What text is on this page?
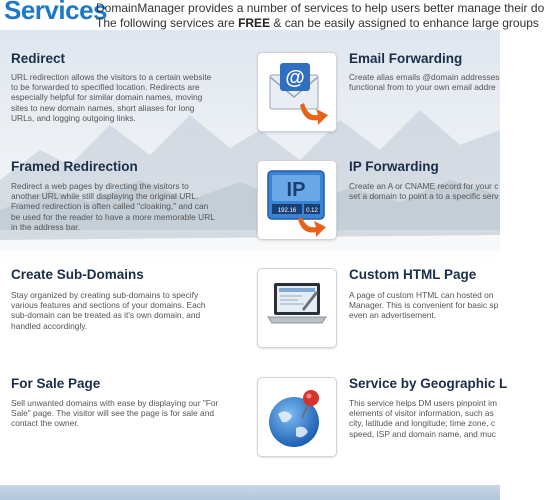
Services
DomainManager provides a number of services to help users better manage their do
The following services are FREE & can be easily assigned to enhance large groups
Redirect
URL redirection allows the visitors to a certain website to be forwarded to specified location. Redirects are especially helpful for similar domain names, moving sites to new domain names, short aliases for long URLs, and logging outgoing links.
@
Email Forwarding
Create alias emails @domain addresses
functional from to your own email addre
Framed Redirection
Redirect a web pages by directing the visitors to another URL while still displaying the original URL. Framed redirection is often called "cloaking," and can be used for the reader to have a more memorable URL in the address bar.
IP
192.16 0.12
IP Forwarding
Create an A or CNAME record for your c
set a domain to point a to a specific serv
Create Sub-Domains
Stay organized by creating sub-domains to specify various features and sections of your domains. Each sub-domain can be treated as it's own domain, and handled accordingly.
Custom HTML Page
A page of custom HTML can hosted on
Manager. This is convenient for basic sp
even an advertisement.
For Sale Page
Sell unwanted domains with ease by displaying our "For Sale" page. The visitor will see the page is for sale and contact the owner.
Service by Geographic L
This service helps DM users pinpoint im
elements of visitor information, such as
city, latitude and longitude; time zone, c
speed, ISP and domain name, and muc
